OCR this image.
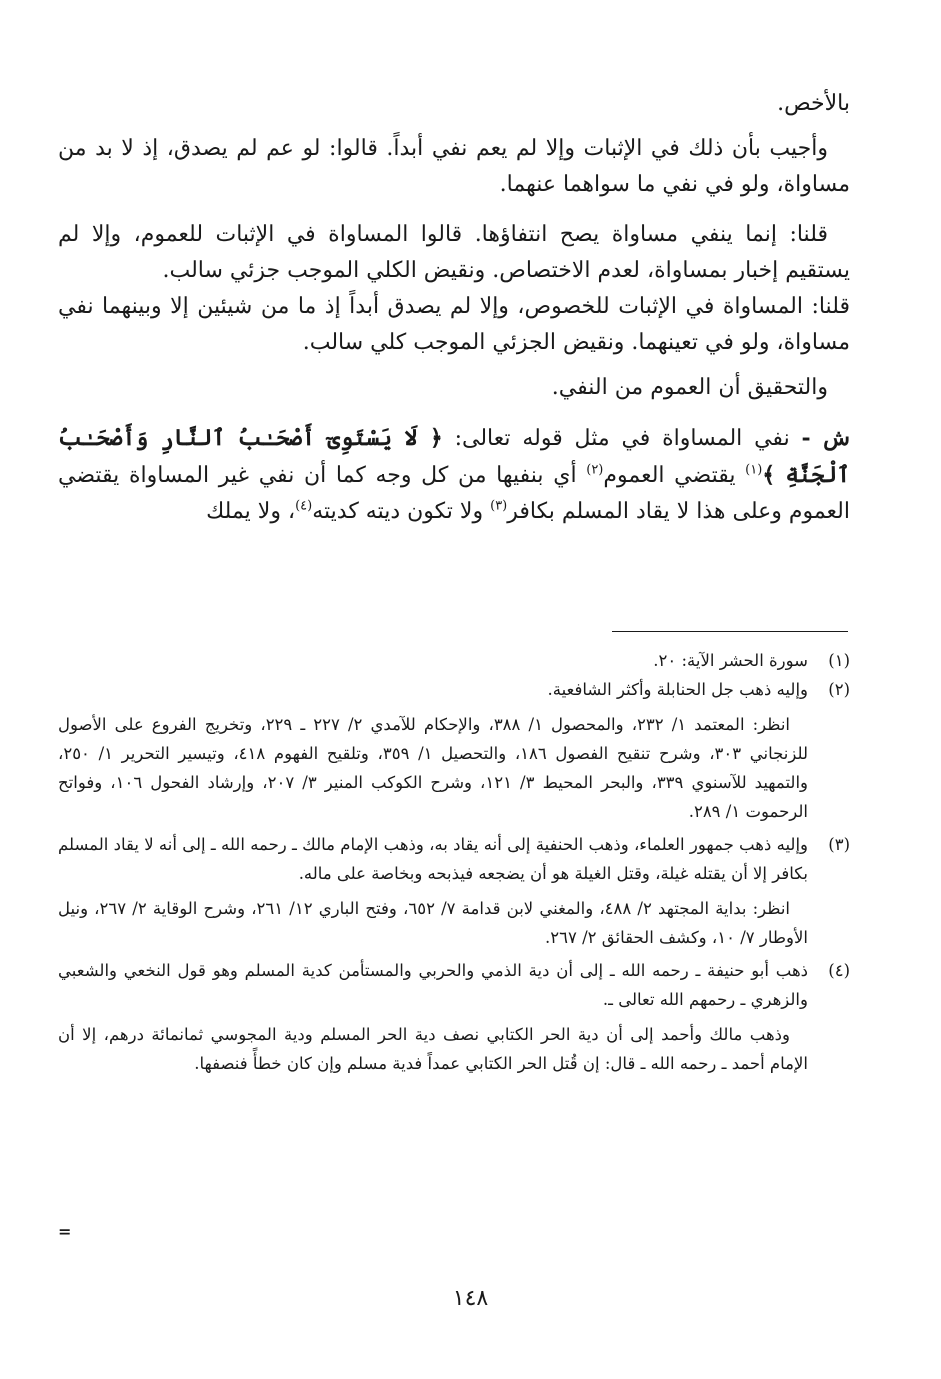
بالأخص.

وأجيب بأن ذلك في الإثبات وإلا لم يعم نفي أبداً. قالوا: لو عم لم يصدق، إذ لا بد من مساواة، ولو في نفي ما سواهما عنهما.

قلنا: إنما ينفي مساواة يصح انتفاؤها. قالوا المساواة في الإثبات للعموم، وإلا لم يستقيم إخبار بمساواة، لعدم الاختصاص. ونقيض الكلي الموجب جزئي سالب.

قلنا: المساواة في الإثبات للخصوص، وإلا لم يصدق أبداً إذ ما من شيئين إلا وبينهما نفي مساواة، ولو في تعينهما. ونقيض الجزئي الموجب كلي سالب.

والتحقيق أن العموم من النفي.

ش - نفي المساواة في مثل قوله تعالى: ﴿ لَا يَسْتَوِىٓ أَصْحَـٰبُ ٱلنَّارِ وَأَصْحَـٰبُ ٱلْجَنَّةِ ﴾$^{(١)}$ يقتضي العموم$^{(٢)}$ أي بنفيها من كل وجه كما أن نفي غير المساواة يقتضي العموم وعلى هذا لا يقاد المسلم بكافر$^{(٣)}$ ولا تكون ديته كديته$^{(٤)}$، ولا يملك

(١)

سورة الحشر الآية: ٢٠.

(٢)

وإليه ذهب جل الحنابلة وأكثر الشافعية.

انظر: المعتمد ١/ ٢٣٢، والمحصول ١/ ٣٨٨، والإحكام للآمدي ٢/ ٢٢٧ ـ ٢٢٩، وتخريج الفروع على الأصول للزنجاني ٣٠٣، وشرح تنقيح الفصول ١٨٦، والتحصيل ١/ ٣٥٩، وتلقيح الفهوم ٤١٨، وتيسير التحرير ١/ ٢٥٠، والتمهيد للآسنوي ٣٣٩، والبحر المحيط ٣/ ١٢١، وشرح الكوكب المنير ٣/ ٢٠٧، وإرشاد الفحول ١٠٦، وفواتح الرحموت ١/ ٢٨٩.

(٣)

وإليه ذهب جمهور العلماء، وذهب الحنفية إلى أنه يقاد به، وذهب الإمام مالك ـ رحمه الله ـ إلى أنه لا يقاد المسلم بكافر إلا أن يقتله غيلة، وقتل الغيلة هو أن يضجعه فيذبحه وبخاصة على ماله.

انظر: بداية المجتهد ٢/ ٤٨٨، والمغني لابن قدامة ٧/ ٦٥٢، وفتح الباري ١٢/ ٢٦١، وشرح الوقاية ٢/ ٢٦٧، ونيل الأوطار ٧/ ١٠، وكشف الحقائق ٢/ ٢٦٧.

(٤)

ذهب أبو حنيفة ـ رحمه الله ـ إلى أن دية الذمي والحربي والمستأمن كدية المسلم وهو قول النخعي والشعبي والزهري ـ رحمهم الله تعالى ـ.

وذهب مالك وأحمد إلى أن دية الحر الكتابي نصف دية الحر المسلم ودية المجوسي ثمانمائة درهم، إلا أن الإمام أحمد ـ رحمه الله ـ قال: إن قُتل الحر الكتابي عمداً فدية مسلم وإن كان خطأً فنصفها.

=
١٤٨
